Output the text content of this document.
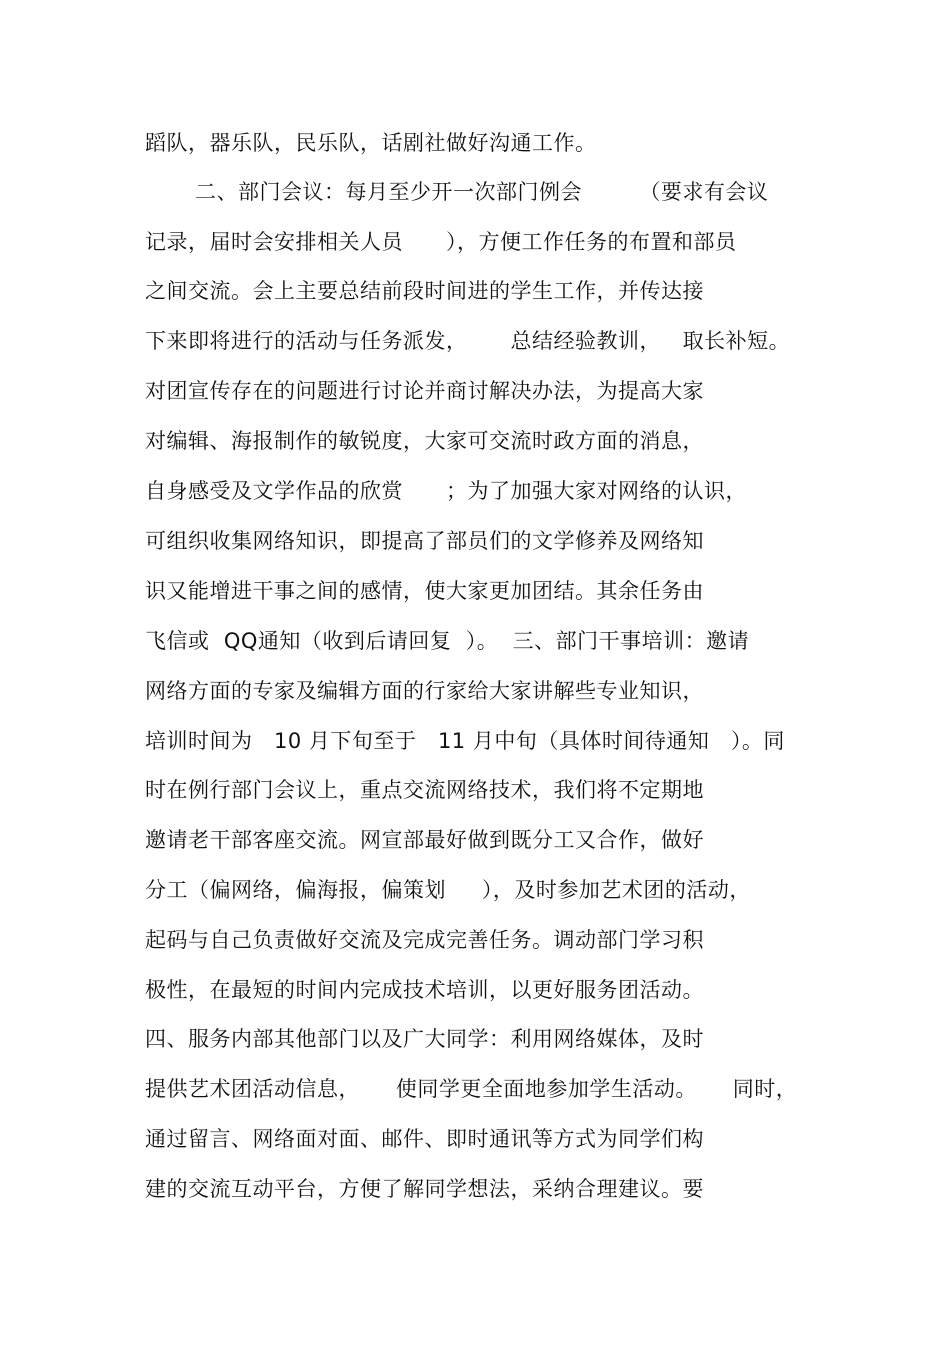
蹈队，器乐队，民乐队，话剧社做好沟通工作。
二、部门会议：每月至少开一次部门例会        （要求有会议
记录，届时会安排相关人员      ），方便工作任务的布置和部员
之间交流。会上主要总结前段时间进的学生工作，并传达接
下来即将进行的活动与任务派发，      总结经验教训，   取长补短。
对团宣传存在的问题进行讨论并商讨解决办法，为提高大家
对编辑、海报制作的敏锐度，大家可交流时政方面的消息，
自身感受及文学作品的欣赏      ；为了加强大家对网络的认识，
可组织收集网络知识，即提高了部员们的文学修养及网络知
识又能增进干事之间的感情，使大家更加团结。其余任务由
飞信或  QQ通知（收到后请回复  ）。  三、部门干事培训：邀请
网络方面的专家及编辑方面的行家给大家讲解些专业知识，
培训时间为   10 月下旬至于   11 月中旬（具体时间待通知   ）。同
时在例行部门会议上，重点交流网络技术，我们将不定期地
邀请老干部客座交流。网宣部最好做到既分工又合作，做好
分工（偏网络，偏海报，偏策划     ），及时参加艺术团的活动，
起码与自己负责做好交流及完成完善任务。调动部门学习积
极性，在最短的时间内完成技术培训，以更好服务团活动。
四、服务内部其他部门以及广大同学：利用网络媒体，及时
提供艺术团活动信息，     使同学更全面地参加学生活动。     同时，
通过留言、网络面对面、邮件、即时通讯等方式为同学们构
建的交流互动平台，方便了解同学想法，采纳合理建议。要
